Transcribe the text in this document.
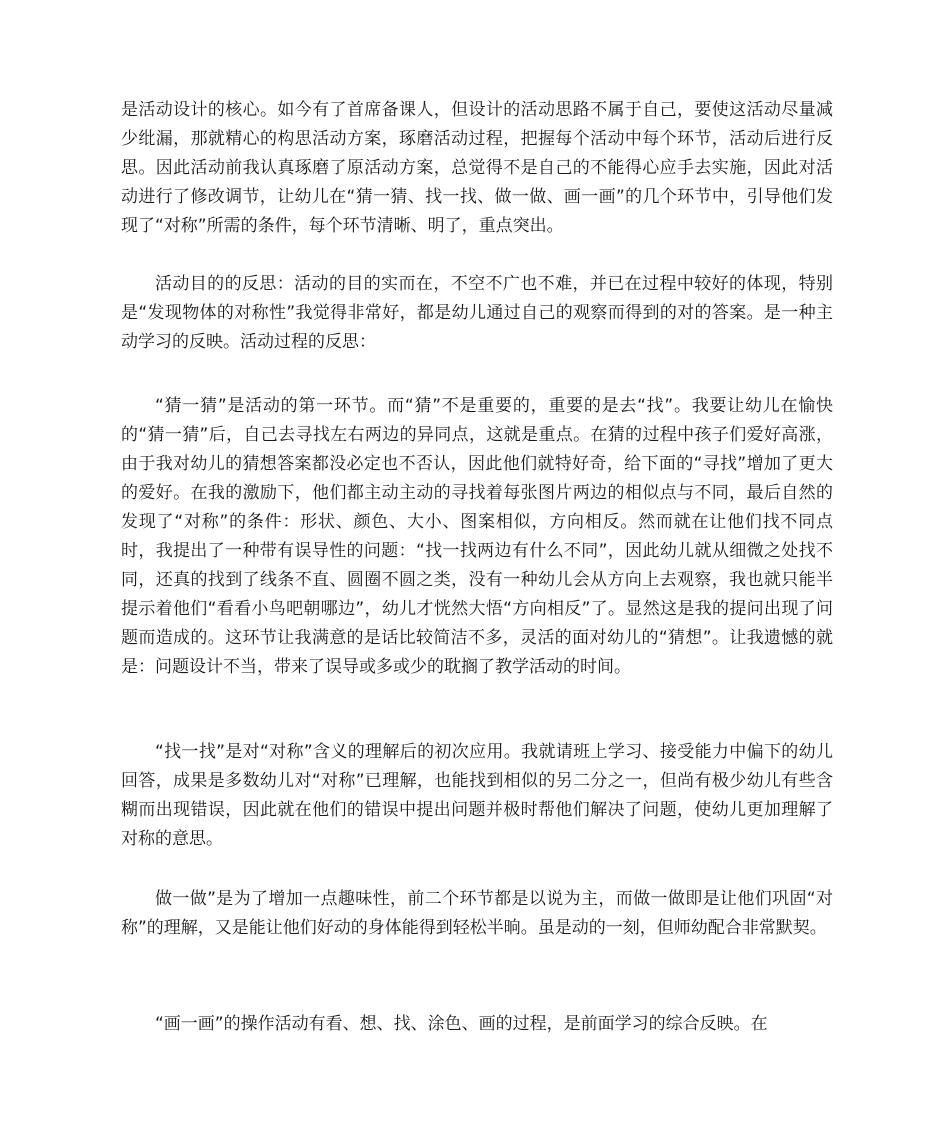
是活动设计的核心。如今有了首席备课人，但设计的活动思路不属于自己，要使这活动尽量减少纰漏，那就精心的构思活动方案，琢磨活动过程，把握每个活动中每个环节，活动后进行反思。因此活动前我认真琢磨了原活动方案，总觉得不是自己的不能得心应手去实施，因此对活动进行了修改调节，让幼儿在“猜一猜、找一找、做一做、画一画”的几个环节中，引导他们发现了“对称”所需的条件，每个环节清晰、明了，重点突出。
活动目的的反思：活动的目的实而在，不空不广也不难，并已在过程中较好的体现，特别是“发现物体的对称性”我觉得非常好，都是幼儿通过自己的观察而得到的对的答案。是一种主动学习的反映。活动过程的反思：
“猜一猜”是活动的第一环节。而“猜”不是重要的，重要的是去“找”。我要让幼儿在愉快的“猜一猜”后，自己去寻找左右两边的异同点，这就是重点。在猜的过程中孩子们爱好高涨，由于我对幼儿的猜想答案都没必定也不否认，因此他们就特好奇，给下面的“寻找”增加了更大的爱好。在我的激励下，他们都主动主动的寻找着每张图片两边的相似点与不同，最后自然的发现了“对称”的条件：形状、颜色、大小、图案相似，方向相反。然而就在让他们找不同点时，我提出了一种带有误导性的问题：“找一找两边有什么不同”，因此幼儿就从细微之处找不同，还真的找到了线条不直、圆圈不圆之类，没有一种幼儿会从方向上去观察，我也就只能半提示着他们“看看小鸟吧朝哪边”，幼儿才恍然大悟“方向相反”了。显然这是我的提问出现了问题而造成的。这环节让我满意的是话比较简洁不多，灵活的面对幼儿的“猜想”。让我遗憾的就是：问题设计不当，带来了误导或多或少的耽搁了教学活动的时间。
“找一找”是对“对称”含义的理解后的初次应用。我就请班上学习、接受能力中偏下的幼儿回答，成果是多数幼儿对“对称”已理解，也能找到相似的另二分之一，但尚有极少幼儿有些含糊而出现错误，因此就在他们的错误中提出问题并极时帮他们解决了问题，使幼儿更加理解了对称的意思。
做一做”是为了增加一点趣味性，前二个环节都是以说为主，而做一做即是让他们巩固“对称”的理解，又是能让他们好动的身体能得到轻松半晌。虽是动的一刻，但师幼配合非常默契。
“画一画”的操作活动有看、想、找、涂色、画的过程，是前面学习的综合反映。在
